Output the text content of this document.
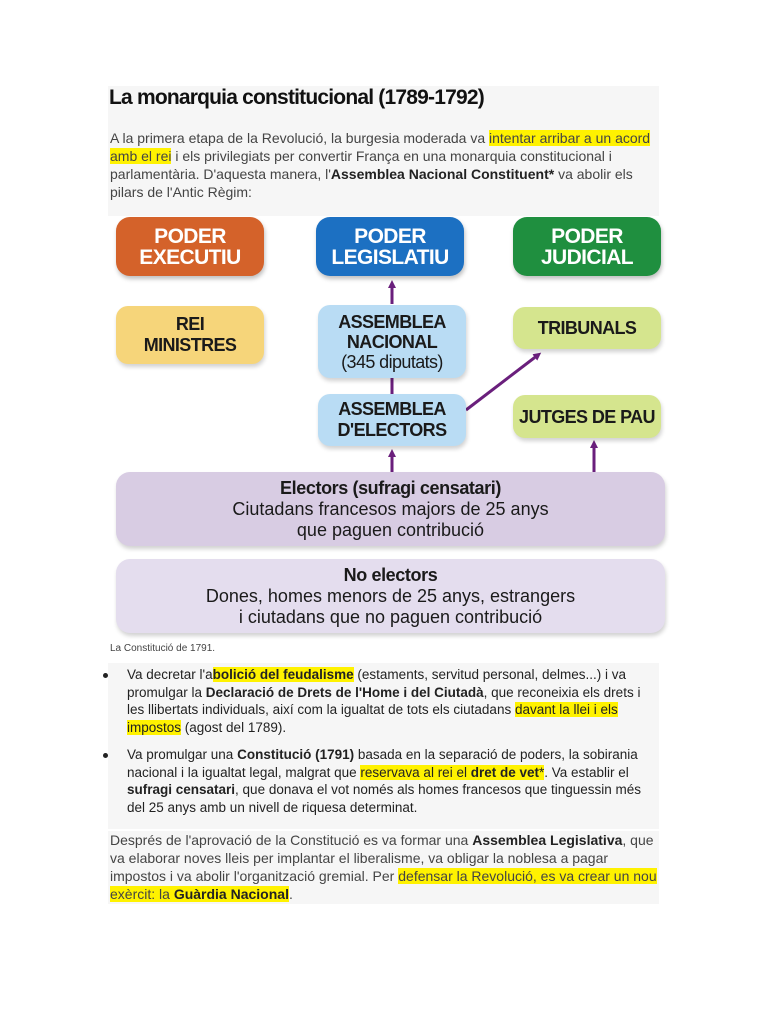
La monarquia constitucional (1789-1792)

A la primera etapa de la Revolució, la burgesia moderada va intentar arribar a un acord amb el rei i els privilegiats per convertir França en una monarquia constitucional i parlamentària. D'aquesta manera, l'Assemblea Nacional Constituent* va abolir els pilars de l'Antic Règim:

PODER
EXECUTIU
PODER
LEGISLATIU
PODER
JUDICIAL
REI
MINISTRES
ASSEMBLEA
NACIONAL
(345 diputats)
TRIBUNALS
ASSEMBLEA
D'ELECTORS
JUTGES DE PAU
Electors (sufragi censatari)
Ciutadans francesos majors de 25 anys
que paguen contribució
No electors
Dones, homes menors de 25 anys, estrangers
i ciutadans que no paguen contribució

La Constitució de 1791.

Va decretar l'abolició del feudalisme (estaments, servitud personal, delmes...) i va promulgar la Declaració de Drets de l'Home i del Ciutadà, que reconeixia els drets i les llibertats individuals, així com la igualtat de tots els ciutadans davant la llei i els impostos (agost del 1789).
Va promulgar una Constitució (1791) basada en la separació de poders, la sobirania nacional i la igualtat legal, malgrat que reservava al rei el dret de vet*. Va establir el sufragi censatari, que donava el vot només als homes francesos que tinguessin més del 25 anys amb un nivell de riquesa determinat.

Després de l'aprovació de la Constitució es va formar una Assemblea Legislativa, que va elaborar noves lleis per implantar el liberalisme, va obligar la noblesa a pagar impostos i va abolir l'organització gremial. Per defensar la Revolució, es va crear un nou exèrcit: la Guàrdia Nacional.
